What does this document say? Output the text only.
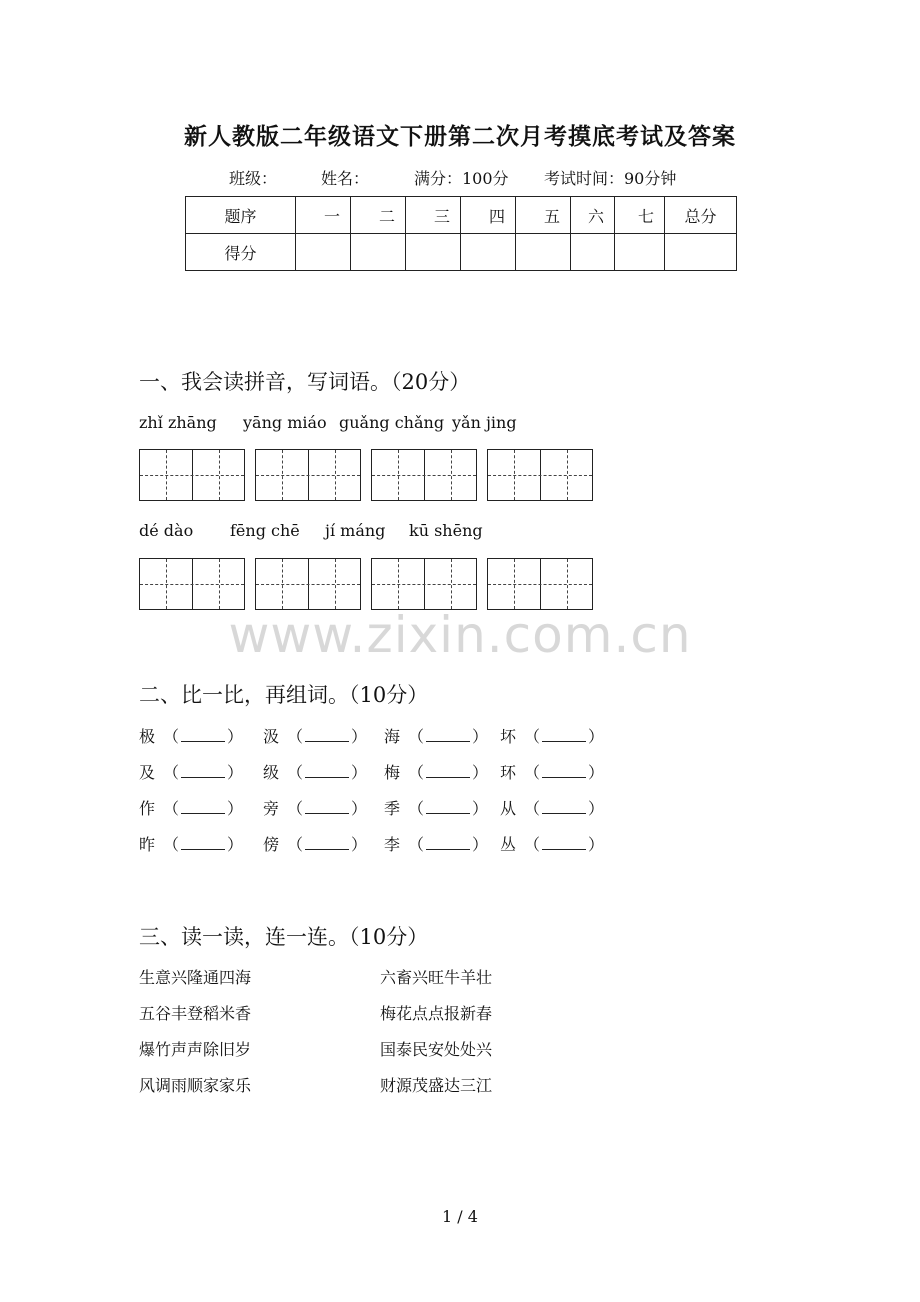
新人教版二年级语文下册第二次月考摸底考试及答案
班级：	姓名：	满分：100分 考试时间：90分钟
题序	一	二	三	四	五	六	七	总分
得分								
一、我会读拼音，写词语。（20分）
zhǐ zhāng yāng miáo guǎng chǎng yǎn jing
dé dào fēng chē jí máng kū shēng
www.zixin.com.cn
二、比一比，再组词。（10分）
极 （	） 汲 （	） 海 （	） 坏 （	）
及 （	） 级 （	） 梅 （	） 环 （	）
作 （	） 旁 （	） 季 （	） 从 （	）
昨 （	） 傍 （	） 李 （	） 丛 （	）
三、读一读，连一连。（10分）
生意兴隆通四海
五谷丰登稻米香
爆竹声声除旧岁
风调雨顺家家乐
六畜兴旺牛羊壮
梅花点点报新春
国泰民安处处兴
财源茂盛达三江
1 / 4
